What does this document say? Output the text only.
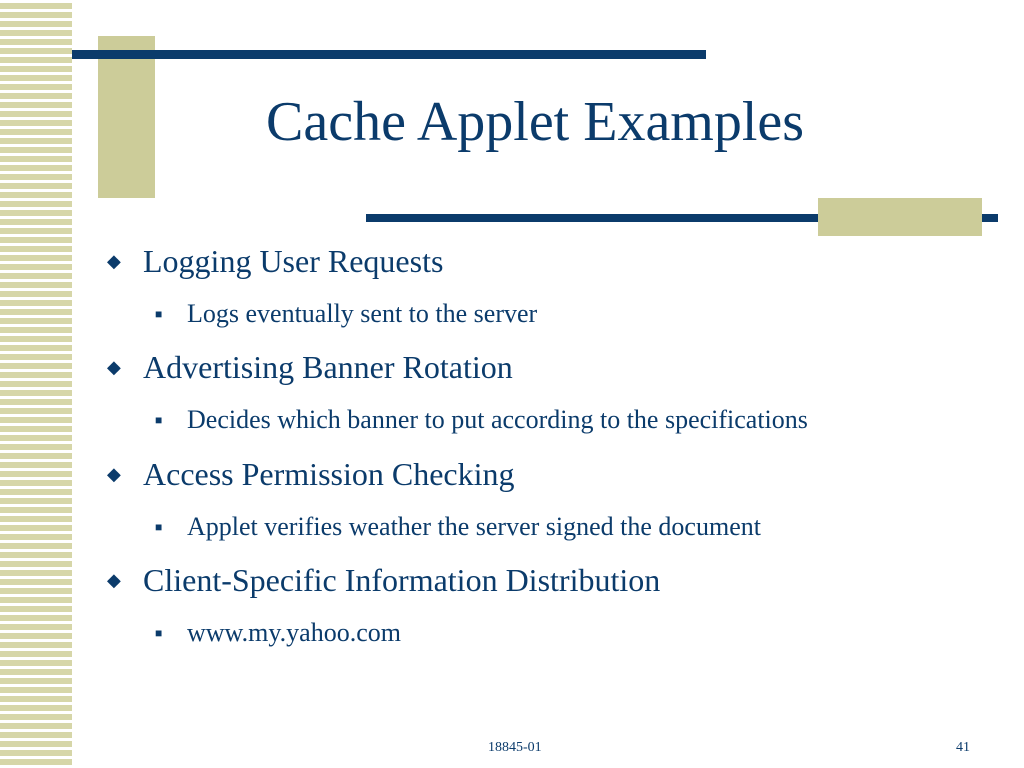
Cache Applet Examples
◆ Logging User Requests
■ Logs eventually sent to the server
◆ Advertising Banner Rotation
■ Decides which banner to put according to the specifications
◆ Access Permission Checking
■ Applet verifies weather the server signed the document
◆ Client-Specific Information Distribution
■ www.my.yahoo.com
18845-01	41
